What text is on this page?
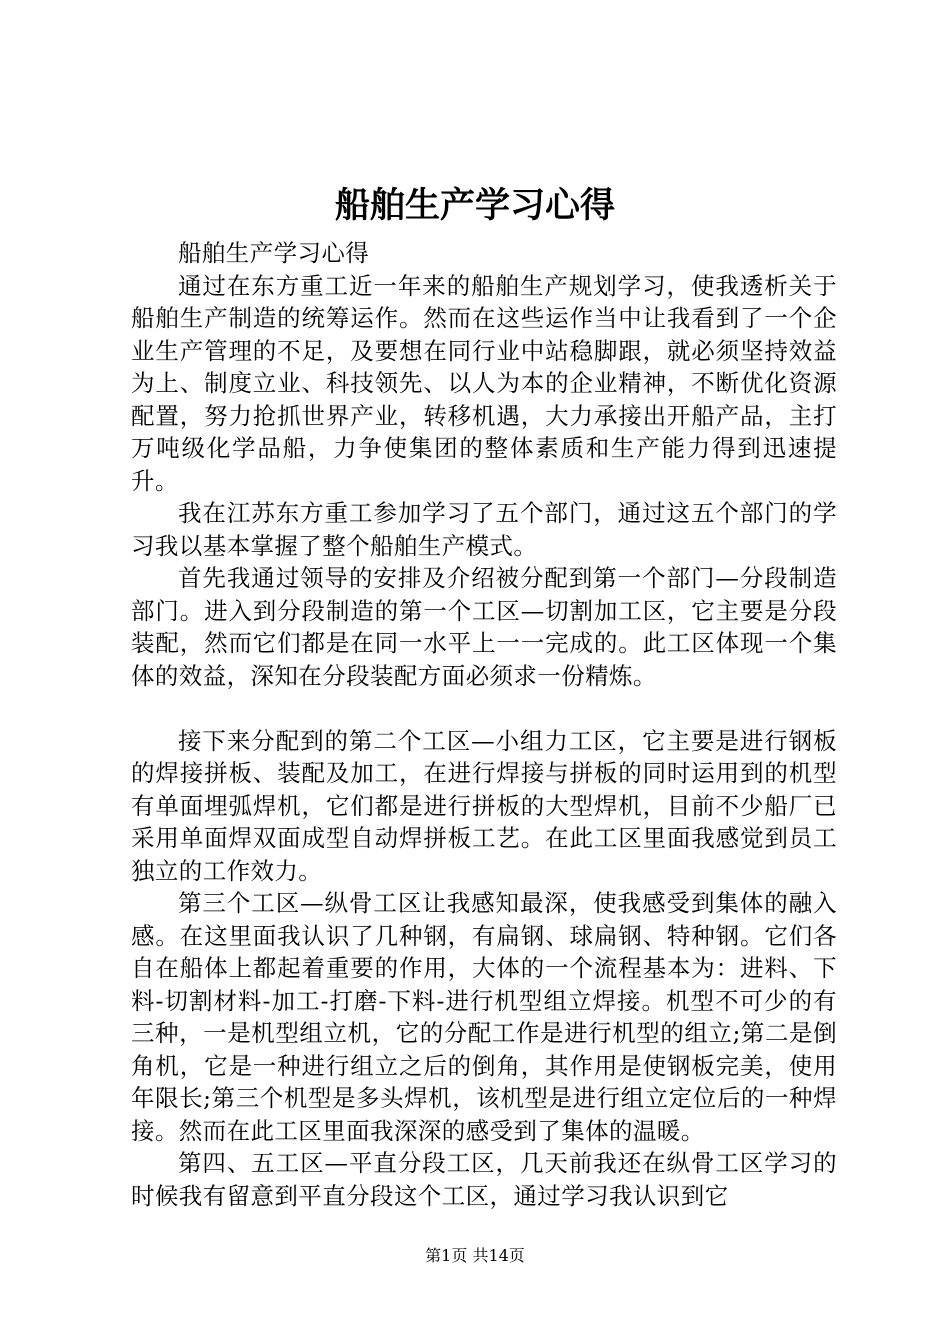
船舶生产学习心得

船舶生产学习心得

通过在东方重工近一年来的船舶生产规划学习，使我透析关于船舶生产制造的统筹运作。然而在这些运作当中让我看到了一个企业生产管理的不足，及要想在同行业中站稳脚跟，就必须坚持效益为上、制度立业、科技领先、以人为本的企业精神，不断优化资源配置，努力抢抓世界产业，转移机遇，大力承接出开船产品，主打万吨级化学品船，力争使集团的整体素质和生产能力得到迅速提升。

我在江苏东方重工参加学习了五个部门，通过这五个部门的学习我以基本掌握了整个船舶生产模式。

首先我通过领导的安排及介绍被分配到第一个部门—分段制造部门。进入到分段制造的第一个工区—切割加工区，它主要是分段装配，然而它们都是在同一水平上一一完成的。此工区体现一个集体的效益，深知在分段装配方面必须求一份精炼。

接下来分配到的第二个工区—小组力工区，它主要是进行钢板的焊接拼板、装配及加工，在进行焊接与拼板的同时运用到的机型有单面埋弧焊机，它们都是进行拼板的大型焊机，目前不少船厂已采用单面焊双面成型自动焊拼板工艺。在此工区里面我感觉到员工独立的工作效力。

第三个工区—纵骨工区让我感知最深，使我感受到集体的融入感。在这里面我认识了几种钢，有扁钢、球扁钢、特种钢。它们各自在船体上都起着重要的作用，大体的一个流程基本为：进料、下料-切割材料-加工-打磨-下料-进行机型组立焊接。机型不可少的有三种，一是机型组立机，它的分配工作是进行机型的组立;第二是倒角机，它是一种进行组立之后的倒角，其作用是使钢板完美，使用年限长;第三个机型是多头焊机，该机型是进行组立定位后的一种焊接。然而在此工区里面我深深的感受到了集体的温暖。

第四、五工区—平直分段工区，几天前我还在纵骨工区学习的时候我有留意到平直分段这个工区，通过学习我认识到它

第1页 共14页
